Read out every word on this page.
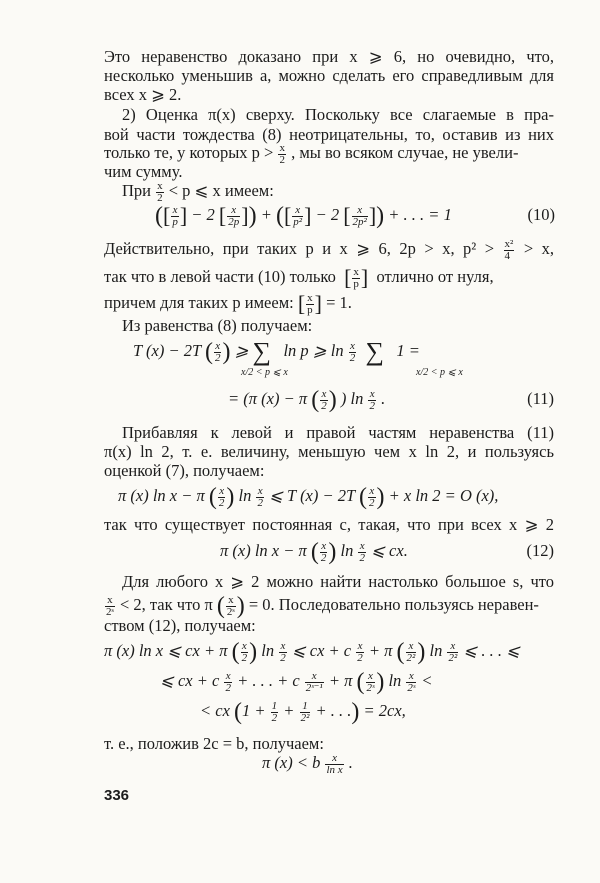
Это неравенство доказано при x ⩾ 6, но очевидно, что,
несколько уменьшив a, можно сделать его справедливым для
всех x ⩾ 2.
2) Оценка π(x) сверху. Поскольку все слагаемые в пра-
вой части тождества (8) неотрицательны, то, оставив из них
только те, у которых $p > \frac{x}{2}$ , мы во всяком случае, не увели-
чим сумму.
При $\frac{x}{2} < p$ ⩽ x имеем:
([ $\frac{x}{p}$ ] − 2 [ $\frac{x}{2p}$ ]) + ([ $\frac{x}{\text{p²}}$ ] − 2 [ $\frac{x}{\text{2p²}}$ ]) + . . . = 1	(10)
Действительно, при таких p и x ⩾ 6, 2p > x, $p^2 > \frac{\text{x²}}{4} > x$,
так что в левой части (10) только [ $\frac{x}{p}$ ] отлично от нуля,
причем для таких p имеем: [ $\frac{x}{p}$ ] = 1.
Из равенства (8) получаем:
T (x) − 2T ( $\frac{x}{2}$ ) ⩾ ∑ ln p ⩾ $\ln \frac{x}{2}$ ∑ 1 =
x/2 < p ⩽ x	x/2 < p ⩽ x
= (π (x) − π ( $\frac{x}{2}$ ) ) $\ln \frac{x}{2}$ .	(11)
Прибавляя к левой и правой частям неравенства (11)
π(x) ln 2, т. е. величину, меньшую чем x ln 2, и пользуясь
оценкой (7), получаем:
π (x) ln x − π ( $\frac{x}{2}$ ) $\ln \frac{x}{2}$ ⩽ T (x) − 2T ( $\frac{x}{2}$ ) + x ln 2 = O (x),
так что существует постоянная c, такая, что при всех x ⩾ 2
π (x) ln x − π ( $\frac{x}{2}$ ) $\ln \frac{x}{2}$ ⩽ cx.	(12)
Для любого x ⩾ 2 можно найти настолько большое s, что
$\frac{x}{\text{2ˢ}} < 2$, так что π ( $\frac{x}{\text{2ˢ}}$ ) = 0. Последовательно пользуясь неравен-
ством (12), получаем:
π (x) ln x ⩽ cx + π ( $\frac{x}{2}$ ) $\ln \frac{x}{2}$ ⩽ cx + c $\frac{x}{2} + \pi$ ( $\frac{x}{\text{2²}}$ ) $\ln \frac{x}{\text{2²}}$ ⩽ . . . ⩽
⩽ cx + c $\frac{x}{2}$ + . . . + c $\frac{x}{\text{2ˢ⁻¹}} + \pi$ ( $\frac{x}{\text{2ˢ}}$ ) $\ln \frac{x}{\text{2ˢ}}$ <
< cx ($1 + \frac{1}{2} + \frac{1}{\text{2²}}$ + . . .) = 2cx,
т. е., положив 2c = b, получаем:
π (x) < b $\frac{x}{\text{ln x}}$ .
336
